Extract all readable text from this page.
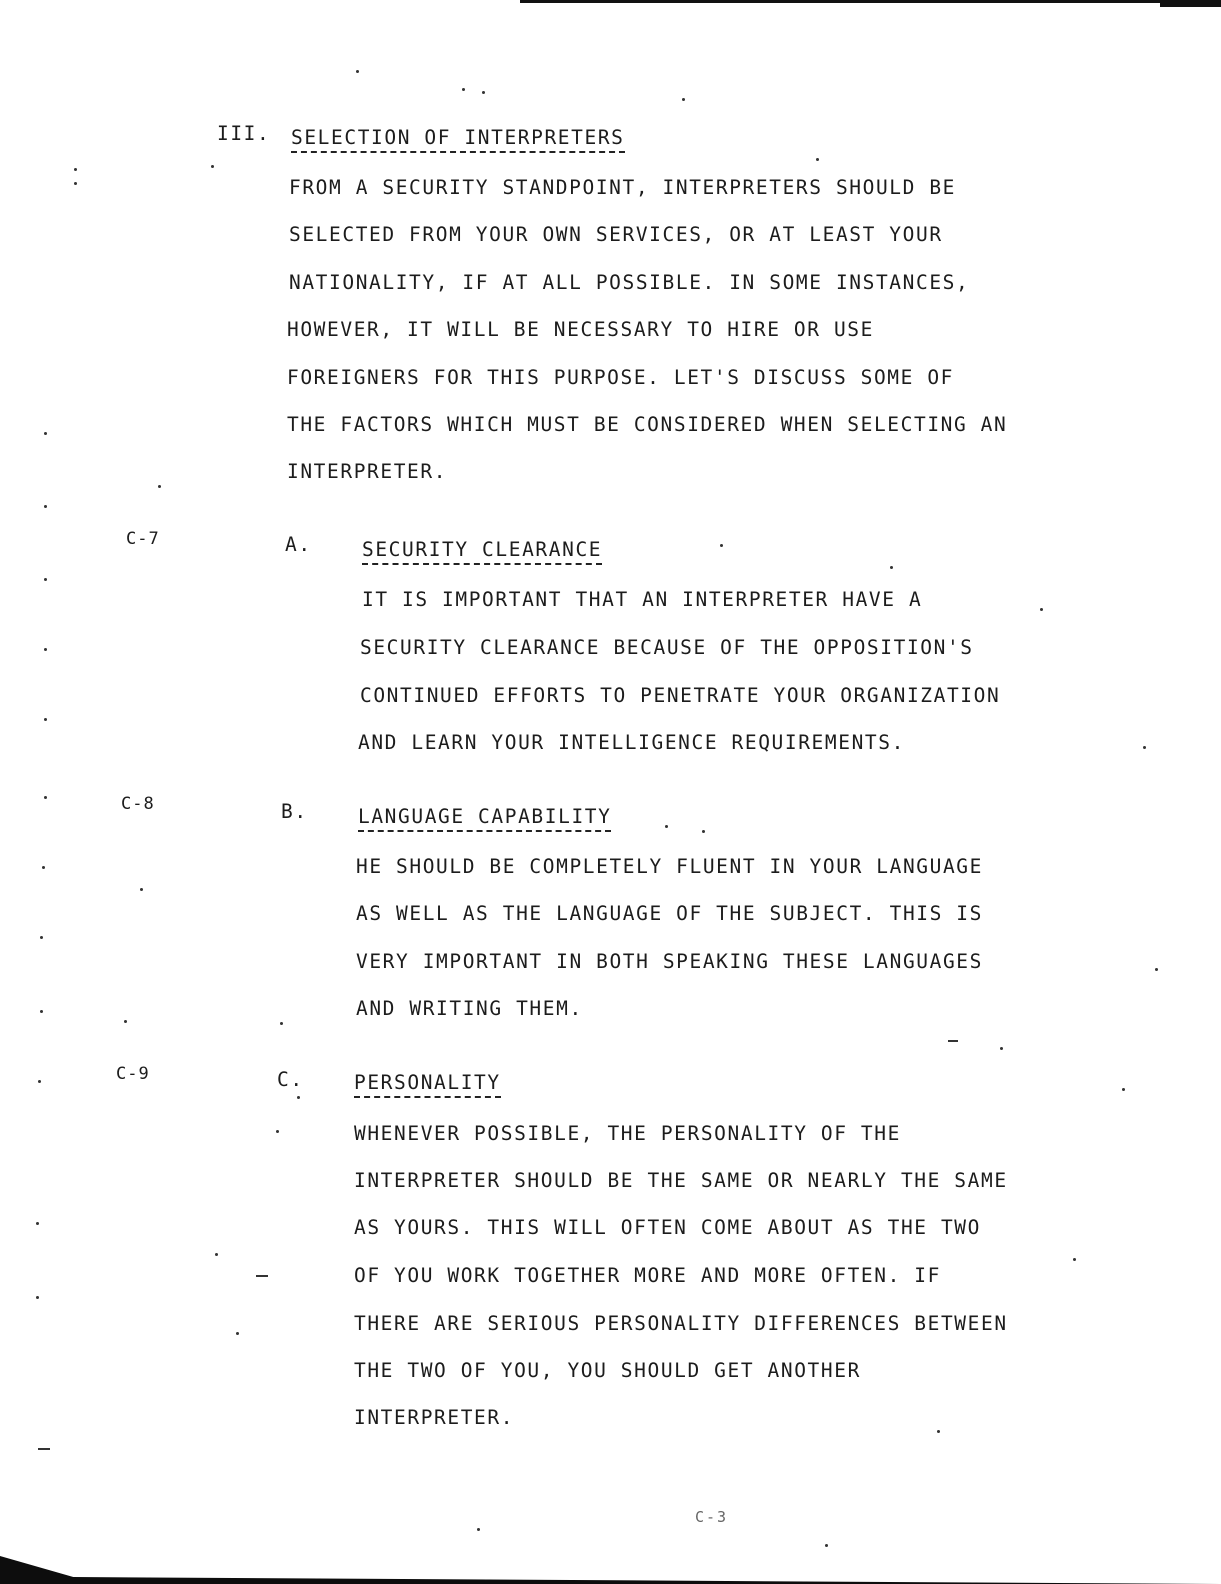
III. SELECTION OF INTERPRETERS
FROM A SECURITY STANDPOINT, INTERPRETERS SHOULD BE
SELECTED FROM YOUR OWN SERVICES, OR AT LEAST YOUR
NATIONALITY, IF AT ALL POSSIBLE. IN SOME INSTANCES,
HOWEVER, IT WILL BE NECESSARY TO HIRE OR USE
FOREIGNERS FOR THIS PURPOSE. LET'S DISCUSS SOME OF
THE FACTORS WHICH MUST BE CONSIDERED WHEN SELECTING AN
INTERPRETER.
C-7	A.	SECURITY CLEARANCE
IT IS IMPORTANT THAT AN INTERPRETER HAVE A
SECURITY CLEARANCE BECAUSE OF THE OPPOSITION'S
CONTINUED EFFORTS TO PENETRATE YOUR ORGANIZATION
AND LEARN YOUR INTELLIGENCE REQUIREMENTS.
C-8	B.	LANGUAGE CAPABILITY
HE SHOULD BE COMPLETELY FLUENT IN YOUR LANGUAGE
AS WELL AS THE LANGUAGE OF THE SUBJECT. THIS IS
VERY IMPORTANT IN BOTH SPEAKING THESE LANGUAGES
AND WRITING THEM.
C-9	C.	PERSONALITY
WHENEVER POSSIBLE, THE PERSONALITY OF THE
INTERPRETER SHOULD BE THE SAME OR NEARLY THE SAME
AS YOURS. THIS WILL OFTEN COME ABOUT AS THE TWO
OF YOU WORK TOGETHER MORE AND MORE OFTEN. IF
THERE ARE SERIOUS PERSONALITY DIFFERENCES BETWEEN
THE TWO OF YOU, YOU SHOULD GET ANOTHER
INTERPRETER.
C-3
